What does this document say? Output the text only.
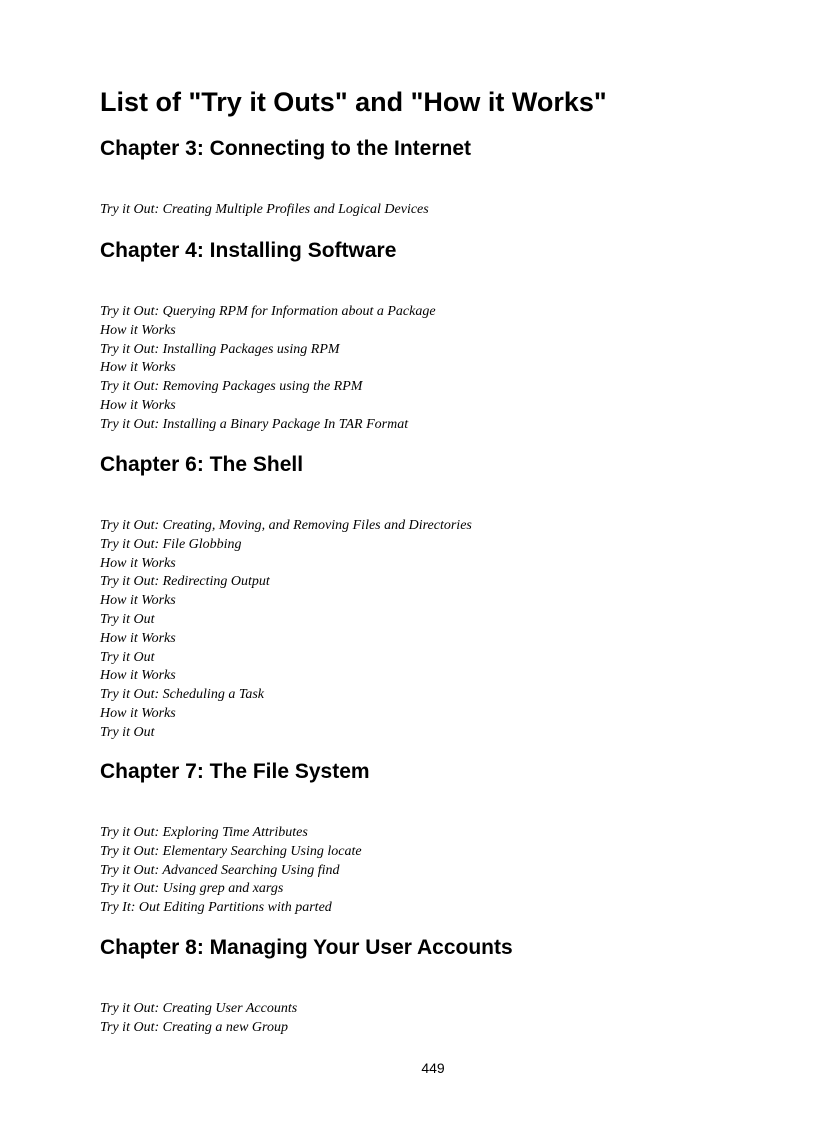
List of "Try it Outs" and "How it Works"
Chapter 3: Connecting to the Internet
Try it Out: Creating Multiple Profiles and Logical Devices
Chapter 4: Installing Software
Try it Out: Querying RPM for Information about a Package
How it Works
Try it Out: Installing Packages using RPM
How it Works
Try it Out: Removing Packages using the RPM
How it Works
Try it Out: Installing a Binary Package In TAR Format
Chapter 6: The Shell
Try it Out: Creating, Moving, and Removing Files and Directories
Try it Out: File Globbing
How it Works
Try it Out: Redirecting Output
How it Works
Try it Out
How it Works
Try it Out
How it Works
Try it Out: Scheduling a Task
How it Works
Try it Out
Chapter 7: The File System
Try it Out: Exploring Time Attributes
Try it Out: Elementary Searching Using locate
Try it Out: Advanced Searching Using find
Try it Out: Using grep and xargs
Try It: Out Editing Partitions with parted
Chapter 8: Managing Your User Accounts
Try it Out: Creating User Accounts
Try it Out: Creating a new Group
449
